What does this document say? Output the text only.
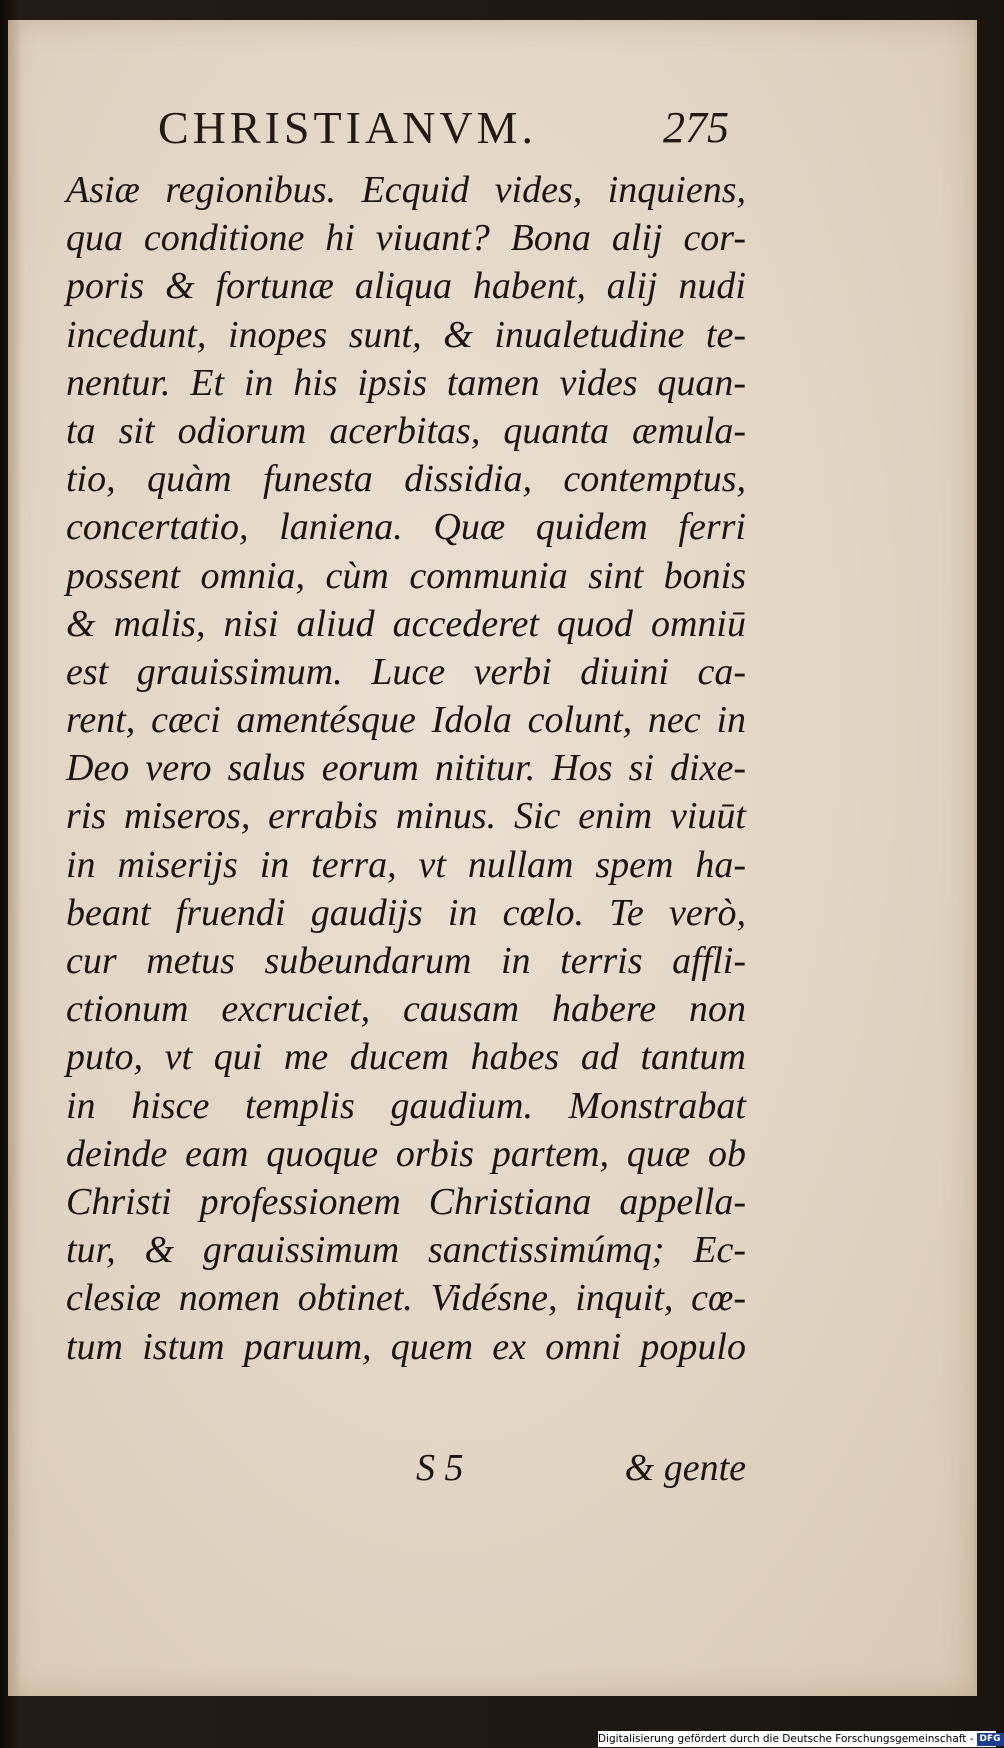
CHRISTIANVM.	275
Asiæ regionibus. Ecquid vides, inquiens,
qua conditione hi viuant? Bona alij cor-
poris & fortunæ aliqua habent, alij nudi
incedunt, inopes sunt, & inualetudine te-
nentur. Et in his ipsis tamen vides quan-
ta sit odiorum acerbitas, quanta æmula-
tio, quàm funesta dissidia, contemptus,
concertatio, laniena. Quæ quidem ferri
possent omnia, cùm communia sint bonis
& malis, nisi aliud accederet quod omniū
est grauissimum. Luce verbi diuini ca-
rent, cæci amentésque Idola colunt, nec in
Deo vero salus eorum nititur. Hos si dixe-
ris miseros, errabis minus. Sic enim viuūt
in miserijs in terra, vt nullam spem ha-
beant fruendi gaudijs in cœlo. Te verò,
cur metus subeundarum in terris affli-
ctionum excruciet, causam habere non
puto, vt qui me ducem habes ad tantum
in hisce templis gaudium. Monstrabat
deinde eam quoque orbis partem, quæ ob
Christi professionem Christiana appella-
tur, & grauissimum sanctissimúmq; Ec-
clesiæ nomen obtinet. Vidésne, inquit, cœ-
tum istum paruum, quem ex omni populo
S 5	& gente
Digitalisierung gefördert durch die Deutsche Forschungsgemeinschaft - DFG
